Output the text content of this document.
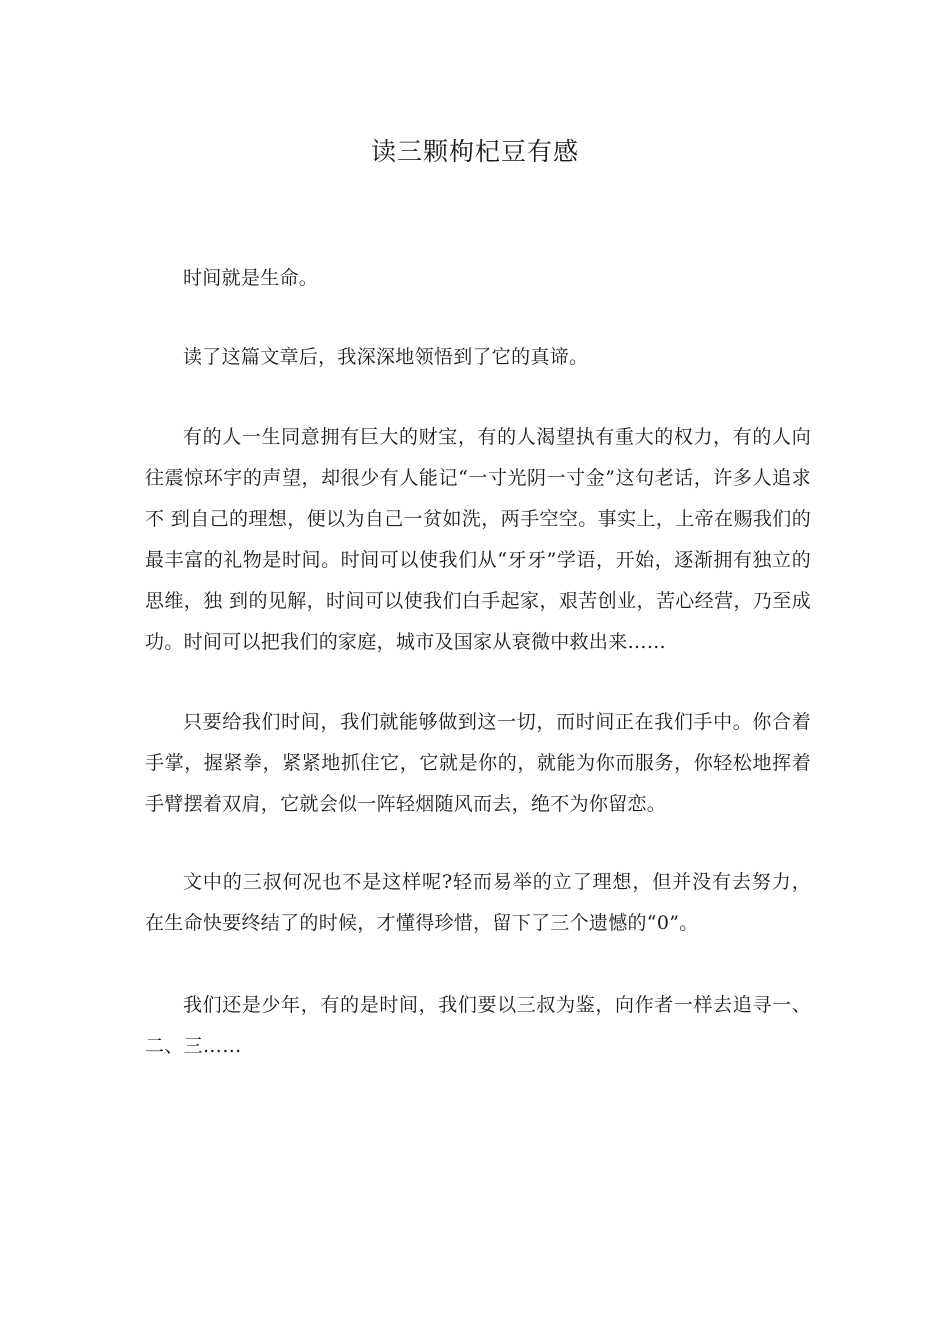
读三颗枸杞豆有感

时间就是生命。

读了这篇文章后，我深深地领悟到了它的真谛。

有的人一生同意拥有巨大的财宝，有的人渴望执有重大的权力，有的人向往震惊环宇的声望，却很少有人能记“一寸光阴一寸金”这句老话，许多人追求不 到自己的理想，便以为自己一贫如洗，两手空空。事实上，上帝在赐我们的最丰富的礼物是时间。时间可以使我们从“牙牙”学语，开始，逐渐拥有独立的思维，独 到的见解，时间可以使我们白手起家，艰苦创业，苦心经营，乃至成功。时间可以把我们的家庭，城市及国家从衰微中救出来……

只要给我们时间，我们就能够做到这一切，而时间正在我们手中。你合着手掌，握紧拳，紧紧地抓住它，它就是你的，就能为你而服务，你轻松地挥着手臂摆着双肩，它就会似一阵轻烟随风而去，绝不为你留恋。

文中的三叔何况也不是这样呢?轻而易举的立了理想，但并没有去努力，在生命快要终结了的时候，才懂得珍惜，留下了三个遗憾的“0”。

我们还是少年，有的是时间，我们要以三叔为鉴，向作者一样去追寻一、二、三……
